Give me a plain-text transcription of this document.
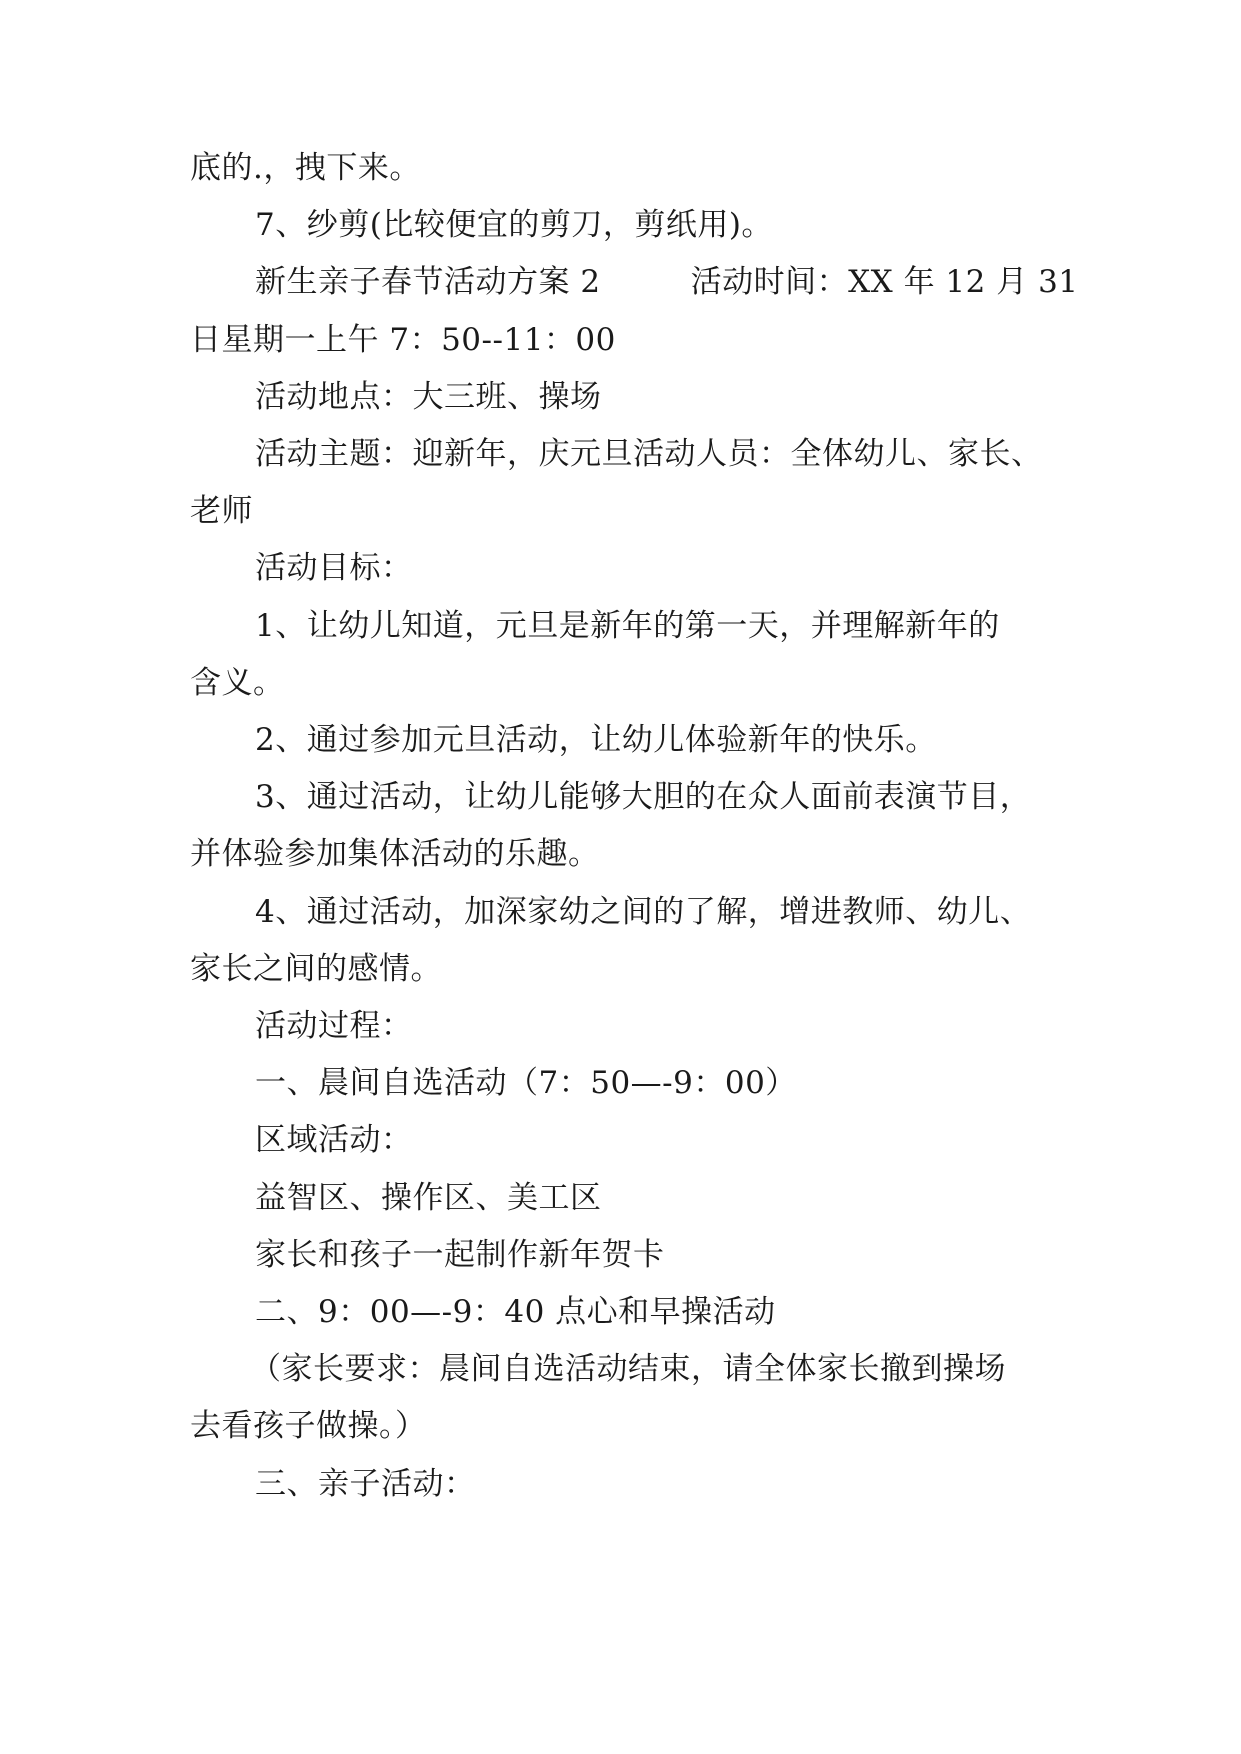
底的.，拽下来。
7、纱剪(比较便宜的剪刀，剪纸用)。
新生亲子春节活动方案 2	活动时间：XX 年 12 月 31
日星期一上午 7：50--11：00
活动地点：大三班、操场
活动主题：迎新年，庆元旦活动人员：全体幼儿、家长、
老师
活动目标：
1、让幼儿知道，元旦是新年的第一天，并理解新年的
含义。
2、通过参加元旦活动，让幼儿体验新年的快乐。
3、通过活动，让幼儿能够大胆的在众人面前表演节目，
并体验参加集体活动的乐趣。
4、通过活动，加深家幼之间的了解，增进教师、幼儿、
家长之间的感情。
活动过程：
一、晨间自选活动（7：50—-9：00）
区域活动：
益智区、操作区、美工区
家长和孩子一起制作新年贺卡
二、9：00—-9：40 点心和早操活动
（家长要求：晨间自选活动结束，请全体家长撤到操场
去看孩子做操。）
三、亲子活动：
